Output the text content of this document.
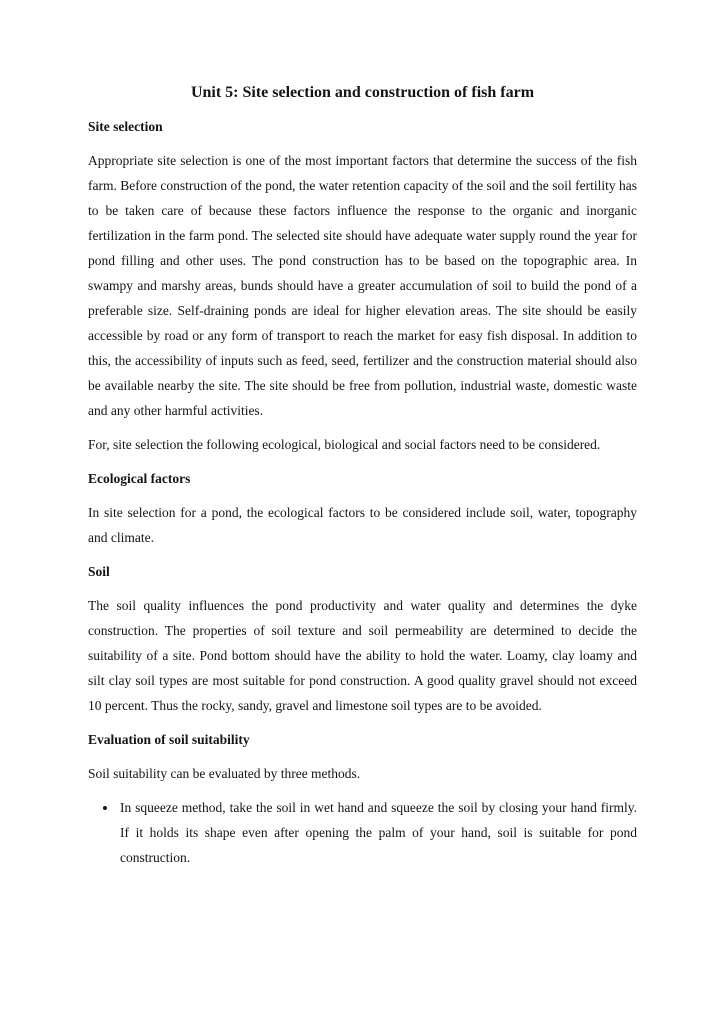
Unit 5: Site selection and construction of fish farm
Site selection

Appropriate site selection is one of the most important factors that determine the success of the fish farm. Before construction of the pond, the water retention capacity of the soil and the soil fertility has to be taken care of because these factors influence the response to the organic and inorganic fertilization in the farm pond. The selected site should have adequate water supply round the year for pond filling and other uses. The pond construction has to be based on the topographic area. In swampy and marshy areas, bunds should have a greater accumulation of soil to build the pond of a preferable size. Self-draining ponds are ideal for higher elevation areas. The site should be easily accessible by road or any form of transport to reach the market for easy fish disposal. In addition to this, the accessibility of inputs such as feed, seed, fertilizer and the construction material should also be available nearby the site. The site should be free from pollution, industrial waste, domestic waste and any other harmful activities.

For, site selection the following ecological, biological and social factors need to be considered.

Ecological factors

In site selection for a pond, the ecological factors to be considered include soil, water, topography and climate.

Soil

The soil quality influences the pond productivity and water quality and determines the dyke construction. The properties of soil texture and soil permeability are determined to decide the suitability of a site. Pond bottom should have the ability to hold the water. Loamy, clay loamy and silt clay soil types are most suitable for pond construction. A good quality gravel should not exceed 10 percent. Thus the rocky, sandy, gravel and limestone soil types are to be avoided.

Evaluation of soil suitability

Soil suitability can be evaluated by three methods.

• In squeeze method, take the soil in wet hand and squeeze the soil by closing your hand firmly. If it holds its shape even after opening the palm of your hand, soil is suitable for pond construction.
